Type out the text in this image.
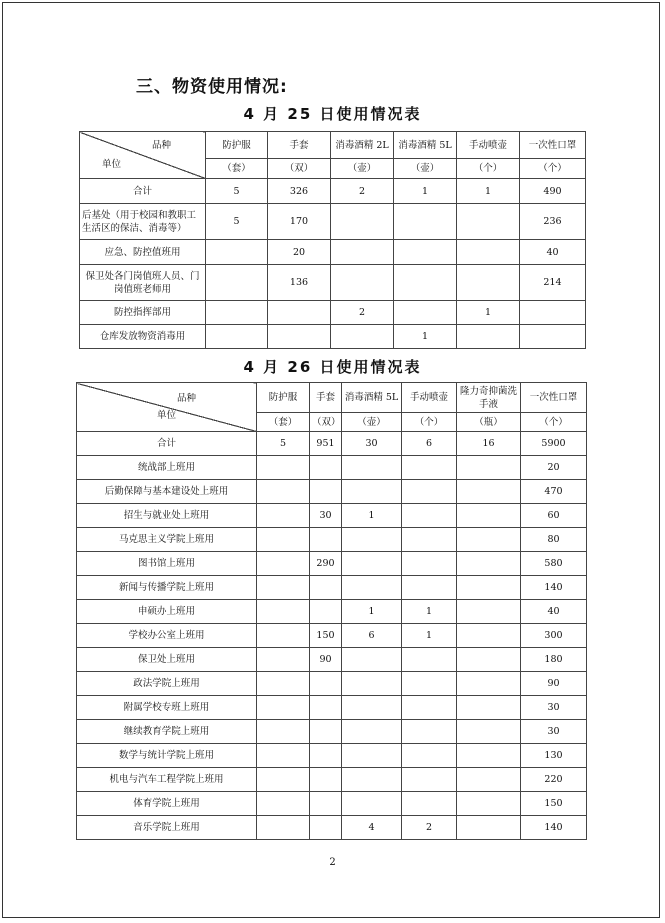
三、物资使用情况:
4 月 25 日使用情况表
品种
单位	防护服	手套	消毒酒精 2L	消毒酒精 5L	手动喷壶	一次性口罩
	（套）	（双）	（壶）	（壶）	（个）	（个）
合计	5	326	2	1	1	490
后基处（用于校园和教职工生活区的保洁、消毒等）	5	170				236
应急、防控值班用		20				40
保卫处各门岗值班人员、门岗值班老师用		136				214
防控指挥部用			2		1	
仓库发放物资消毒用				1		
4 月 26 日使用情况表
品种
单位	防护服	手套	消毒酒精 5L	手动喷壶	隆力奇抑菌洗手液	一次性口罩
	（套）	（双）	（壶）	（个）	（瓶）	（个）
合计	5	951	30	6	16	5900
统战部上班用						20
后勤保障与基本建设处上班用						470
招生与就业处上班用		30	1			60
马克思主义学院上班用						80
图书馆上班用		290				580
新闻与传播学院上班用						140
申硕办上班用			1	1		40
学校办公室上班用		150	6	1		300
保卫处上班用		90				180
政法学院上班用						90
附属学校专班上班用						30
继续教育学院上班用						30
数学与统计学院上班用						130
机电与汽车工程学院上班用						220
体育学院上班用						150
音乐学院上班用			4	2		140
2
